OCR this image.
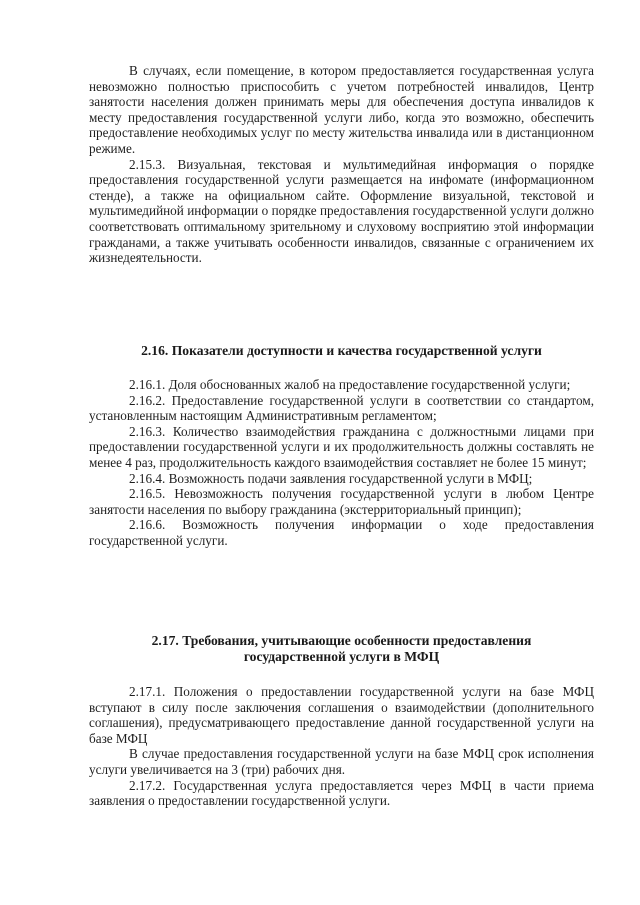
В случаях, если помещение, в котором предоставляется государственная услуга невозможно полностью приспособить с учетом потребностей инвалидов, Центр занятости населения должен принимать меры для обеспечения доступа инвалидов к месту предоставления государственной услуги либо, когда это возможно, обеспечить предоставление необходимых услуг по месту жительства инвалида или в дистанционном режиме.

2.15.3. Визуальная, текстовая и мультимедийная информация о порядке предоставления государственной услуги размещается на инфомате (информационном стенде), а также на официальном сайте. Оформление визуальной, текстовой и мультимедийной информации о порядке предоставления государственной услуги должно соответствовать оптимальному зрительному и слуховому восприятию этой информации гражданами, а также учитывать особенности инвалидов, связанные с ограничением их жизнедеятельности.

2.16. Показатели доступности и качества государственной услуги

2.16.1. Доля обоснованных жалоб на предоставление государственной услуги;

2.16.2. Предоставление государственной услуги в соответствии со стандартом, установленным настоящим Административным регламентом;

2.16.3. Количество взаимодействия гражданина с должностными лицами при предоставлении государственной услуги и их продолжительность должны составлять не менее 4 раз, продолжительность каждого взаимодействия составляет не более 15 минут;

2.16.4. Возможность подачи заявления государственной услуги в МФЦ;

2.16.5. Невозможность получения государственной услуги в любом Центре занятости населения по выбору гражданина (экстерриториальный принцип);

2.16.6. Возможность получения информации о ходе предоставления государственной услуги.

2.17. Требования, учитывающие особенности предоставления
государственной услуги в МФЦ

2.17.1. Положения о предоставлении государственной услуги на базе МФЦ вступают в силу после заключения соглашения о взаимодействии (дополнительного соглашения), предусматривающего предоставление данной государственной услуги на базе МФЦ

В случае предоставления государственной услуги на базе МФЦ срок исполнения услуги увеличивается на 3 (три) рабочих дня.

2.17.2. Государственная услуга предоставляется через МФЦ в части приема заявления о предоставлении государственной услуги.
